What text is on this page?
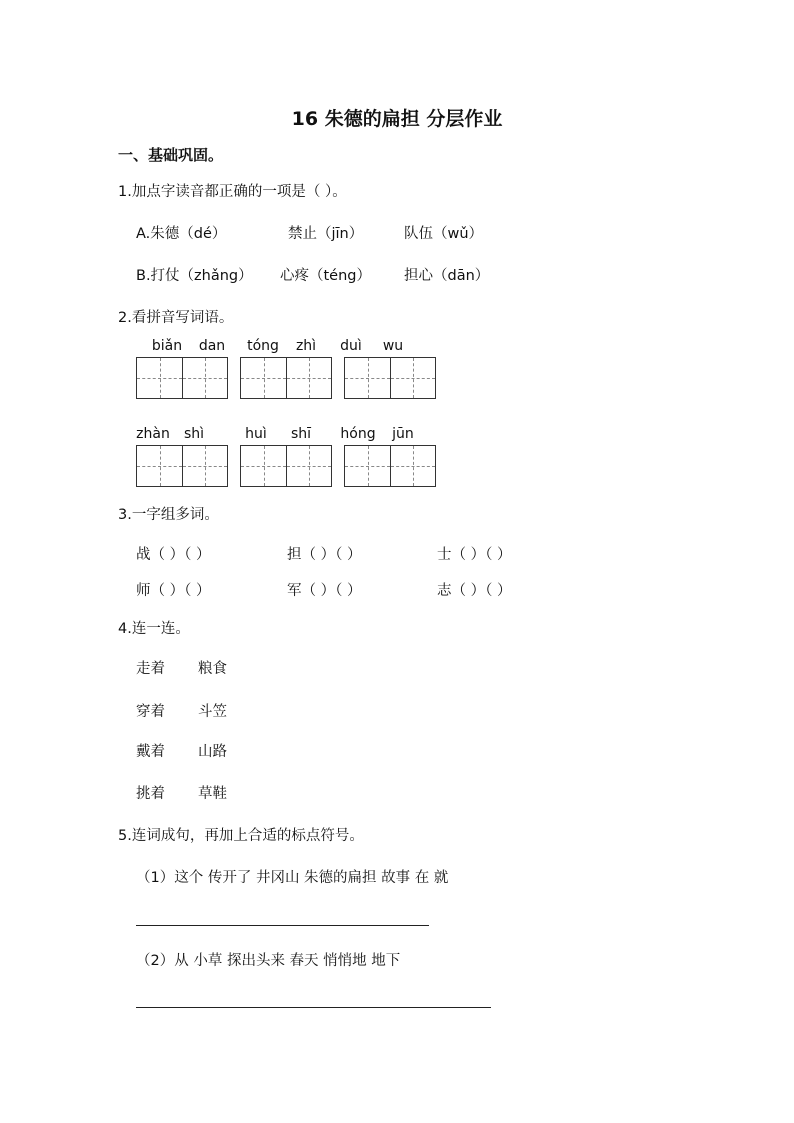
16 朱德的扁担 分层作业
一、基础巩固。
1.加点字读音都正确的一项是（ ）。
A.朱德（dé）	禁止（jīn）	队伍（wǔ）
B.打仗（zhǎng） 心疼（téng） 担心（dān）
2.看拼音写词语。
biǎn	dan	tóng	zhì	duì	wu
zhàn shì	huì	shī	hóng	jūn
3.一字组多词。
战（ ）（ ）	担（ ）（ ）	士（ ）（ ）
师（ ）（ ）	军（ ）（ ）	志（ ）（ ）
4.连一连。
走着 粮食
穿着 斗笠
戴着 山路
挑着 草鞋
5.连词成句，再加上合适的标点符号。
（1）这个 传开了 井冈山 朱德的扁担 故事 在 就
（2）从 小草 探出头来 春天 悄悄地 地下
